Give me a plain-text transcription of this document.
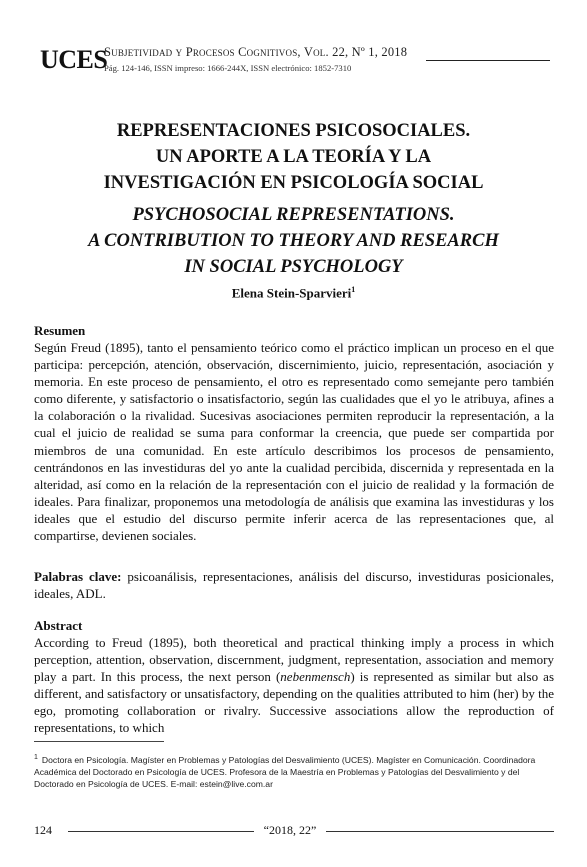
UCES
Subjetividad y Procesos Cognitivos, Vol. 22, Nº 1, 2018
Pág. 124-146, ISSN impreso: 1666-244X, ISSN electrónico: 1852-7310
REPRESENTACIONES PSICOSOCIALES.
UN APORTE A LA TEORÍA Y LA
INVESTIGACIÓN EN PSICOLOGÍA SOCIAL
PSYCHOSOCIAL REPRESENTATIONS.
A CONTRIBUTION TO THEORY AND RESEARCH
IN SOCIAL PSYCHOLOGY
Elena Stein-Sparvieri$^1$
Resumen
Según Freud (1895), tanto el pensamiento teórico como el práctico implican un proceso en el que participa: percepción, atención, observación, discernimiento, juicio, representación, asociación y memoria. En este proceso de pensamiento, el otro es representado como semejante pero también como diferente, y satisfactorio o insatisfactorio, según las cualidades que el yo le atribuya, afines a la colaboración o la rivalidad. Sucesivas asociaciones permiten reproducir la representación, a la cual el juicio de realidad se suma para conformar la creencia, que puede ser compartida por miembros de una comunidad. En este artículo describimos los procesos de pensamiento, centrándonos en las investiduras del yo ante la cualidad percibida, discernida y representada en la alteridad, así como en la relación de la representación con el juicio de realidad y la formación de ideales. Para finalizar, proponemos una metodología de análisis que examina las investiduras y los ideales que el estudio del discurso permite inferir acerca de las representaciones que, al compartirse, devienen sociales.
Palabras clave: psicoanálisis, representaciones, análisis del discurso, investiduras posicionales, ideales, ADL.
Abstract
According to Freud (1895), both theoretical and practical thinking imply a process in which perception, attention, observation, discernment, judgment, representation, association and memory play a part. In this process, the next person (nebenmensch) is represented as similar but also as different, and satisfactory or unsatisfactory, depending on the qualities attributed to him (her) by the ego, promoting collaboration or rivalry. Successive associations allow the reproduction of representations, to which
$^1$ Doctora en Psicología. Magíster en Problemas y Patologías del Desvalimiento (UCES). Magíster en Comunicación. Coordinadora Académica del Doctorado en Psicología de UCES. Profesora de la Maestría en Problemas y Patologías del Desvalimiento y del Doctorado en Psicología de UCES. E-mail: estein@live.com.ar
124	“2018, 22”
